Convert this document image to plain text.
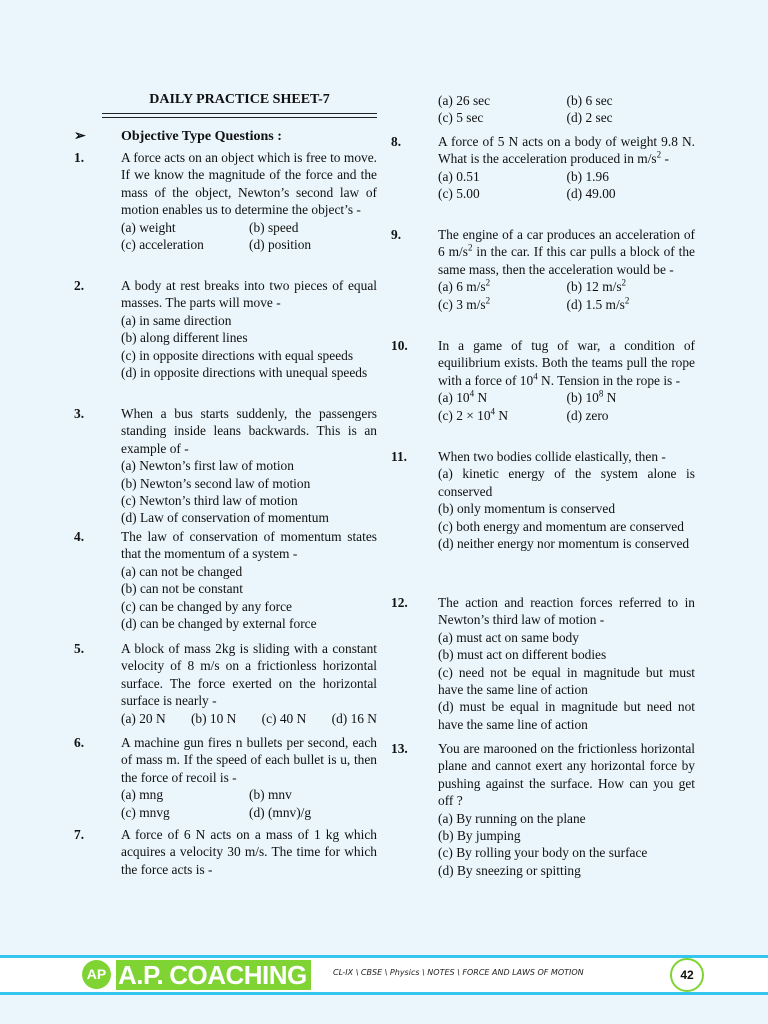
DAILY PRACTICE SHEET-7
➢	Objective Type Questions :
1.	A force acts on an object which is free to move. If we know the magnitude of the force and the mass of the object, Newton’s second law of motion enables us to determine the object’s -
(a) weight	(b) speed
(c) acceleration	(d) position
2.	A body at rest breaks into two pieces of equal masses. The parts will move -
(a) in same direction
(b) along different lines
(c) in opposite directions with equal speeds
(d) in opposite directions with unequal speeds
3.	When a bus starts suddenly, the passengers standing inside leans backwards. This is an example of -
(a) Newton’s first law of motion
(b) Newton’s second law of motion
(c) Newton’s third law of motion
(d) Law of conservation of momentum
4.	The law of conservation of momentum states that the momentum of a system -
(a) can not be changed
(b) can not be constant
(c) can be changed by any force
(d) can be changed by external force
5.	A block of mass 2kg is sliding with a constant velocity of 8 m/s on a frictionless horizontal surface. The force exerted on the horizontal surface is nearly -
(a) 20 N (b) 10 N (c) 40 N (d) 16 N
6.	A machine gun fires n bullets per second, each of mass m. If the speed of each bullet is u, then the force of recoil is -
(a) mng	(b) mnv
(c) mnvg	(d) (mnv)/g
7.	A force of 6 N acts on a mass of 1 kg which acquires a velocity 30 m/s. The time for which the force acts is -
(a) 26 sec	(b) 6 sec
(c) 5 sec	(d) 2 sec
8.	A force of 5 N acts on a body of weight 9.8 N. What is the acceleration produced in $m/s^2$ -
(a) 0.51	(b) 1.96
(c) 5.00	(d) 49.00
9.	The engine of a car produces an acceleration of 6 $m/s^2$ in the car. If this car pulls a block of the same mass, then the acceleration would be -
(a) 6 $m/s^2$	(b) 12 $m/s^2$
(c) 3 $m/s^2$	(d) 1.5 $m/s^2$
10.	In a game of tug of war, a condition of equilibrium exists. Both the teams pull the rope with a force of $10^4$ N. Tension in the rope is -
(a) $10^4$ N	(b) $10^8$ N
(c) $2 \times 10^4$ N	(d) zero
11.	When two bodies collide elastically, then -
(a) kinetic energy of the system alone is conserved
(b) only momentum is conserved
(c) both energy and momentum are conserved
(d) neither energy nor momentum is conserved
12.	The action and reaction forces referred to in Newton’s third law of motion -
(a) must act on same body
(b) must act on different bodies
(c) need not be equal in magnitude but must have the same line of action
(d) must be equal in magnitude but need not have the same line of action
13.	You are marooned on the frictionless horizontal plane and cannot exert any horizontal force by pushing against the surface. How can you get off ?
(a) By running on the plane
(b) By jumping
(c) By rolling your body on the surface
(d) By sneezing or spitting
AP A.P. COACHING	CL-IX \ CBSE \ Physics \ NOTES \ FORCE AND LAWS OF MOTION	42
